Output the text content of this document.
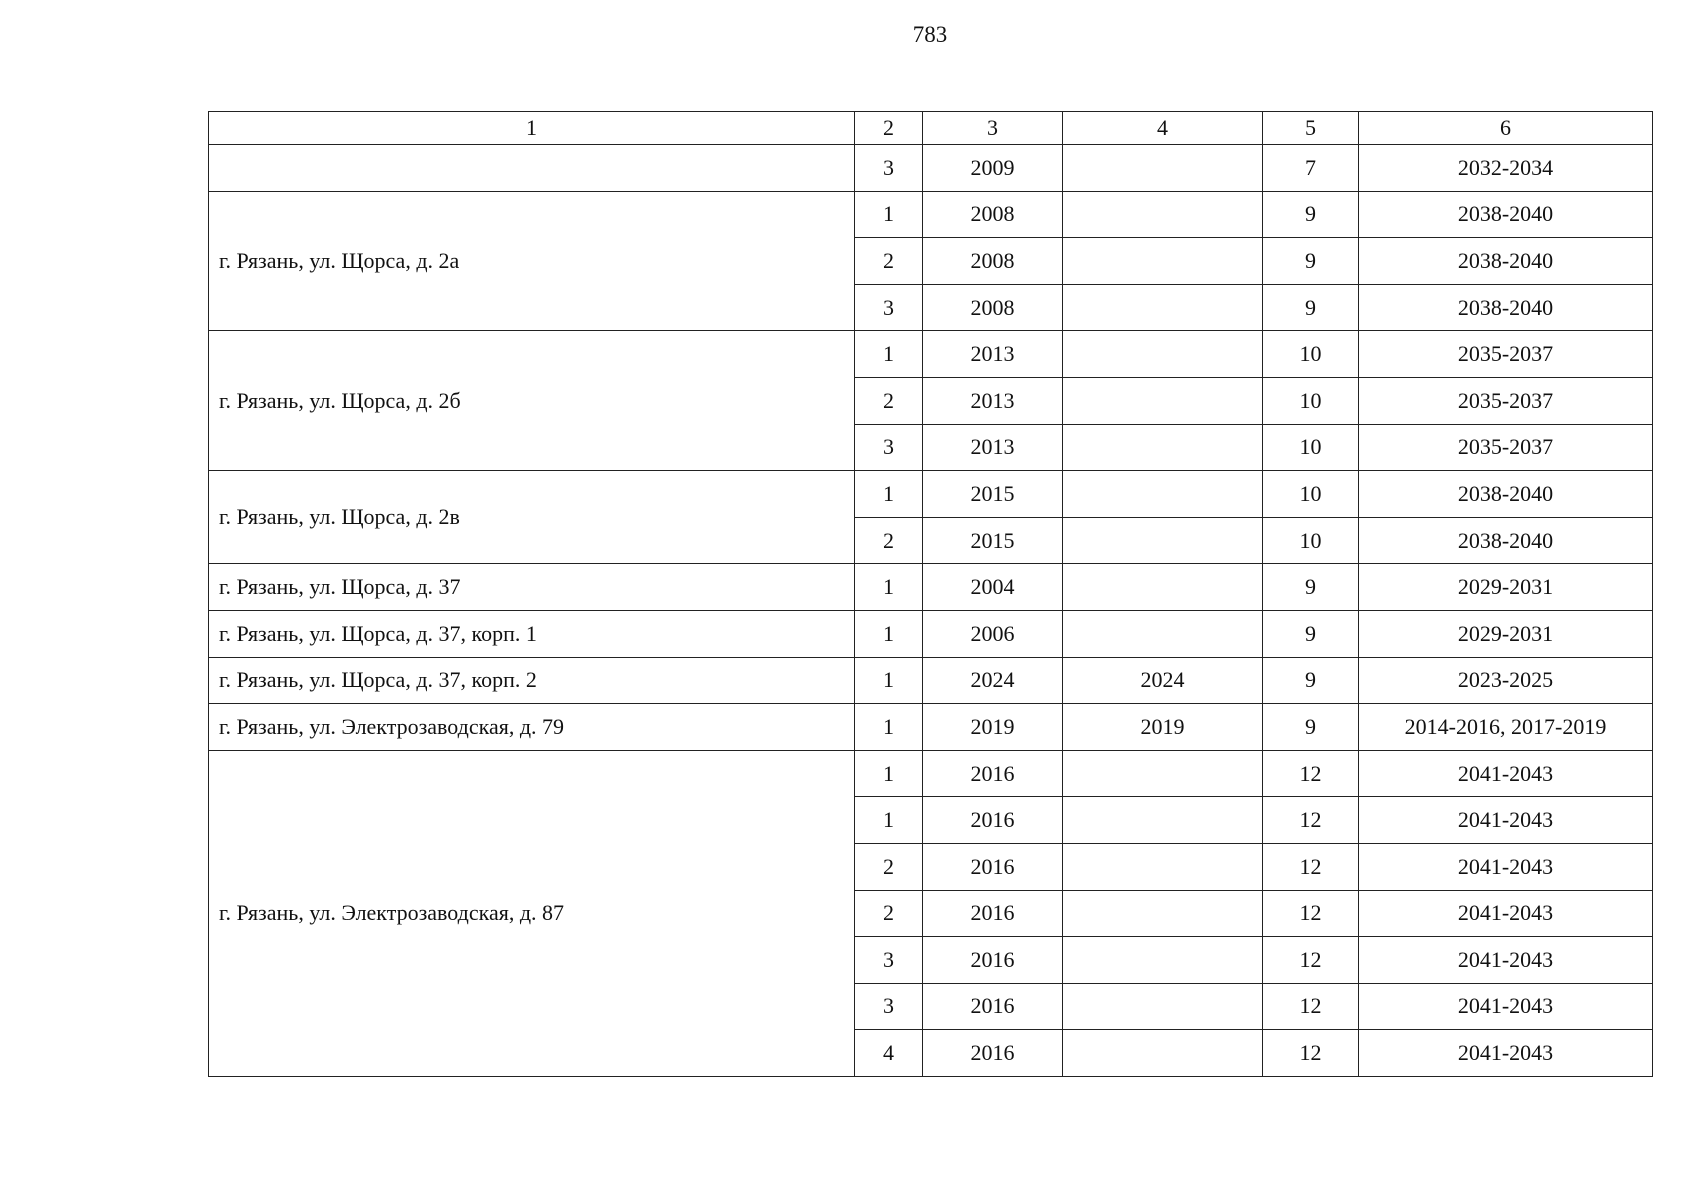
783
1	2	3	4	5	6
	3	2009		7	2032-2034
г. Рязань, ул. Щорса, д. 2а	1	2008		9	2038-2040
	2	2008		9	2038-2040
	3	2008		9	2038-2040
г. Рязань, ул. Щорса, д. 2б	1	2013		10	2035-2037
	2	2013		10	2035-2037
	3	2013		10	2035-2037
г. Рязань, ул. Щорса, д. 2в	1	2015		10	2038-2040
	2	2015		10	2038-2040
г. Рязань, ул. Щорса, д. 37	1	2004		9	2029-2031
г. Рязань, ул. Щорса, д. 37, корп. 1	1	2006		9	2029-2031
г. Рязань, ул. Щорса, д. 37, корп. 2	1	2024	2024	9	2023-2025
г. Рязань, ул. Электрозаводская, д. 79	1	2019	2019	9	2014-2016, 2017-2019
г. Рязань, ул. Электрозаводская, д. 87	1	2016		12	2041-2043
	1	2016		12	2041-2043
	2	2016		12	2041-2043
	2	2016		12	2041-2043
	3	2016		12	2041-2043
	3	2016		12	2041-2043
	4	2016		12	2041-2043
